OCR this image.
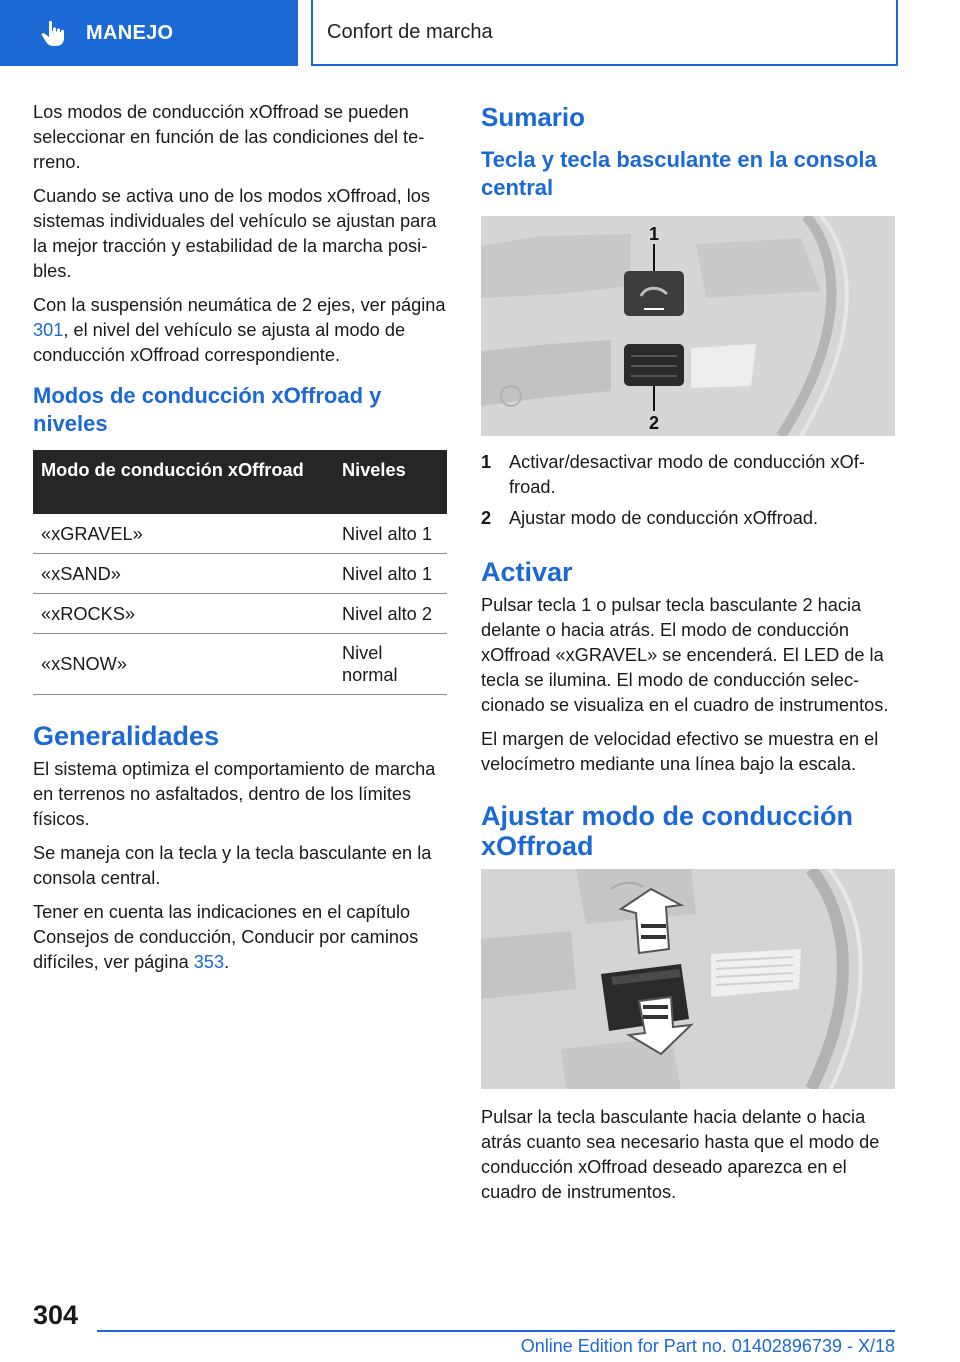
MANEJO	Confort de marcha

Los modos de conducción xOffroad se pueden seleccionar en función de las condiciones del terreno.

Cuando se activa uno de los modos xOffroad, los sistemas individuales del vehículo se ajustan para la mejor tracción y estabilidad de la marcha posibles.

Con la suspensión neumática de 2 ejes, ver página 301, el nivel del vehículo se ajusta al modo de conducción xOffroad correspondiente.

Modos de conducción xOffroad y niveles
Modo de conducción xOffroad	Niveles
«xGRAVEL»	Nivel alto 1
«xSAND»	Nivel alto 1
«xROCKS»	Nivel alto 2
«xSNOW»	Nivel normal
Generalidades

El sistema optimiza el comportamiento de marcha en terrenos no asfaltados, dentro de los límites físicos.

Se maneja con la tecla y la tecla basculante en la consola central.

Tener en cuenta las indicaciones en el capítulo Consejos de conducción, Conducir por caminos difíciles, ver página 353.

Sumario
Tecla y tecla basculante en la consola central
1
2
1 Activar/desactivar modo de conducción xOffroad.
2 Ajustar modo de conducción xOffroad.
Activar

Pulsar tecla 1 o pulsar tecla basculante 2 hacia delante o hacia atrás. El modo de conducción xOffroad «xGRAVEL» se encenderá. El LED de la tecla se ilumina. El modo de conducción seleccionado se visualiza en el cuadro de instrumentos.

El margen de velocidad efectivo se muestra en el velocímetro mediante una línea bajo la escala.

Ajustar modo de conducción xOffroad

Pulsar la tecla basculante hacia delante o hacia atrás cuanto sea necesario hasta que el modo de conducción xOffroad deseado aparezca en el cuadro de instrumentos.

304
Online Edition for Part no. 01402896739 - X/18
